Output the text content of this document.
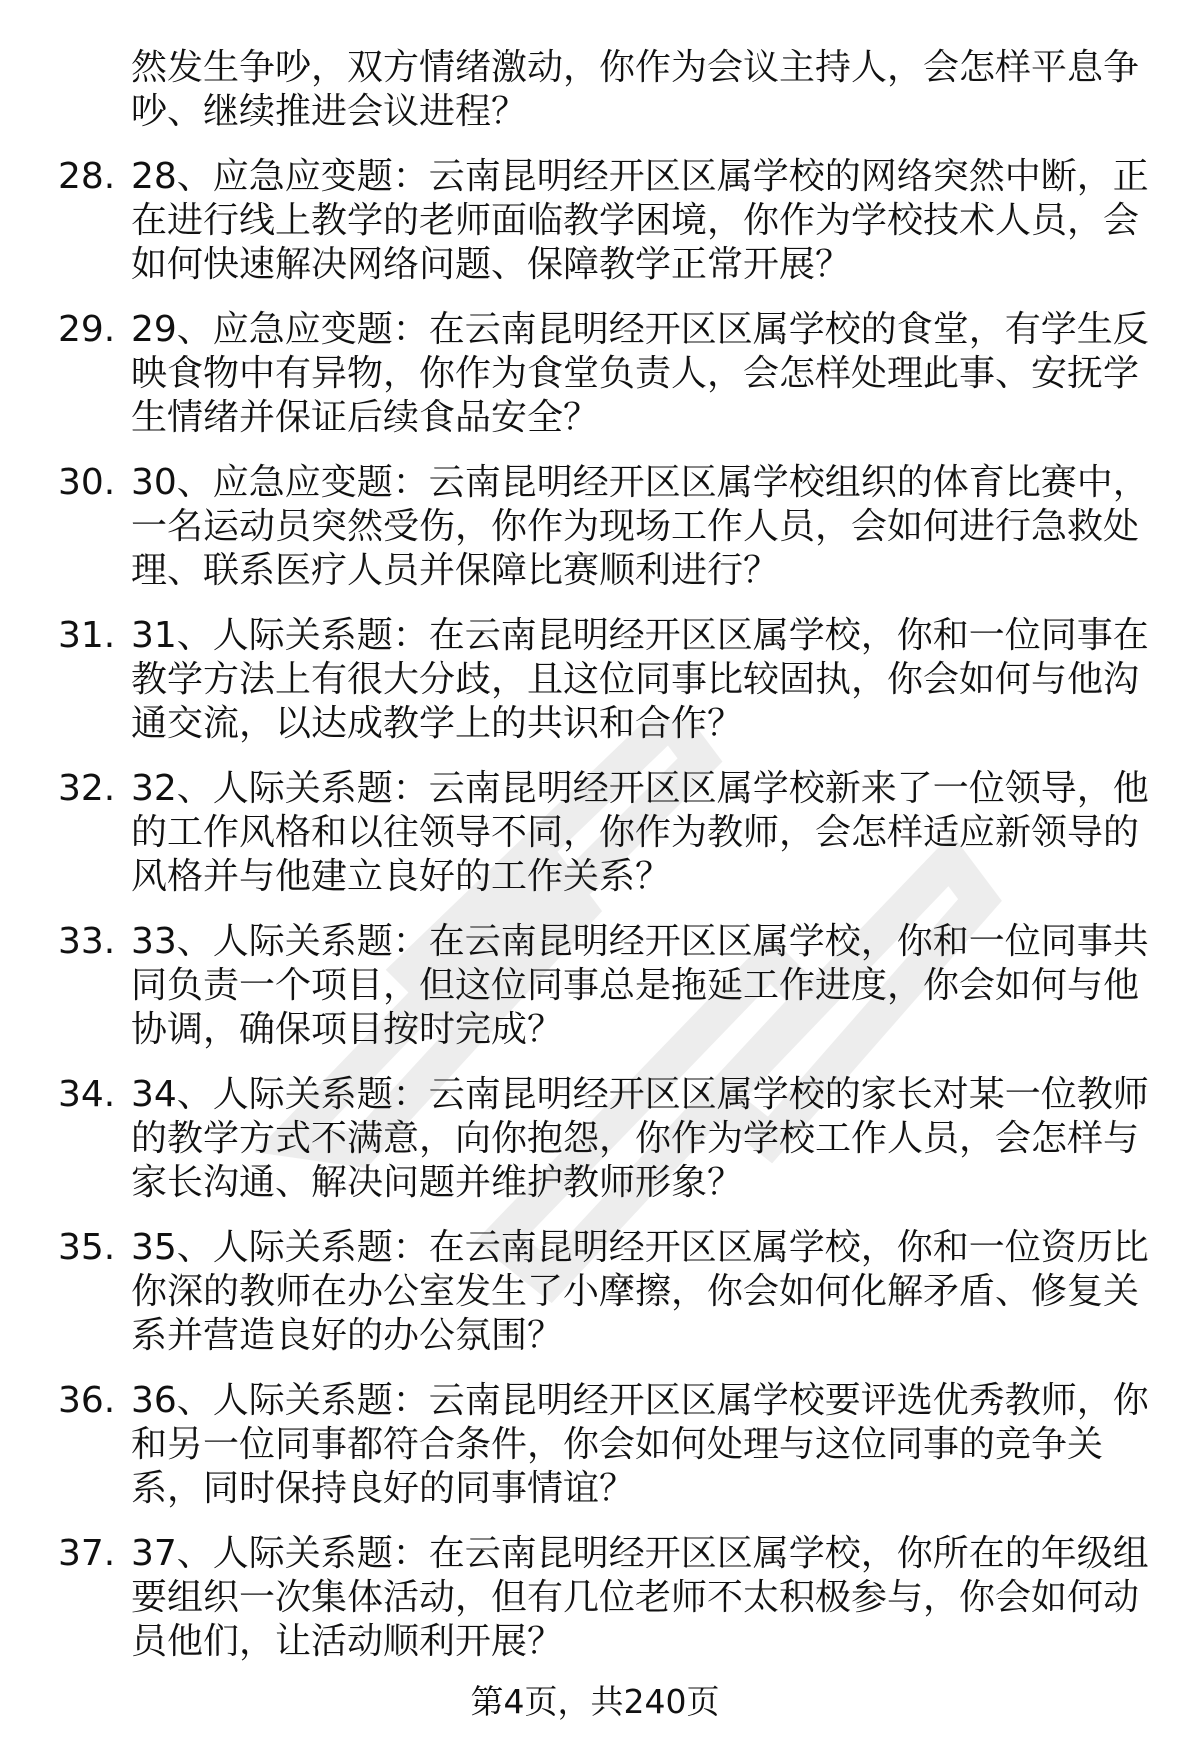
然发生争吵，双方情绪激动，你作为会议主持人，会怎样平息争
吵、继续推进会议进程？
28. 28、应急应变题：云南昆明经开区区属学校的网络突然中断，正
在进行线上教学的老师面临教学困境，你作为学校技术人员，会
如何快速解决网络问题、保障教学正常开展？
29. 29、应急应变题：在云南昆明经开区区属学校的食堂，有学生反
映食物中有异物，你作为食堂负责人，会怎样处理此事、安抚学
生情绪并保证后续食品安全？
30. 30、应急应变题：云南昆明经开区区属学校组织的体育比赛中，
一名运动员突然受伤，你作为现场工作人员，会如何进行急救处
理、联系医疗人员并保障比赛顺利进行？
31. 31、人际关系题：在云南昆明经开区区属学校，你和一位同事在
教学方法上有很大分歧，且这位同事比较固执，你会如何与他沟
通交流，以达成教学上的共识和合作？
32. 32、人际关系题：云南昆明经开区区属学校新来了一位领导，他
的工作风格和以往领导不同，你作为教师，会怎样适应新领导的
风格并与他建立良好的工作关系？
33. 33、人际关系题：在云南昆明经开区区属学校，你和一位同事共
同负责一个项目，但这位同事总是拖延工作进度，你会如何与他
协调，确保项目按时完成？
34. 34、人际关系题：云南昆明经开区区属学校的家长对某一位教师
的教学方式不满意，向你抱怨，你作为学校工作人员，会怎样与
家长沟通、解决问题并维护教师形象？
35. 35、人际关系题：在云南昆明经开区区属学校，你和一位资历比
你深的教师在办公室发生了小摩擦，你会如何化解矛盾、修复关
系并营造良好的办公氛围？
36. 36、人际关系题：云南昆明经开区区属学校要评选优秀教师，你
和另一位同事都符合条件，你会如何处理与这位同事的竞争关
系，同时保持良好的同事情谊？
37. 37、人际关系题：在云南昆明经开区区属学校，你所在的年级组
要组织一次集体活动，但有几位老师不太积极参与，你会如何动
员他们，让活动顺利开展？
第4页，共240页
